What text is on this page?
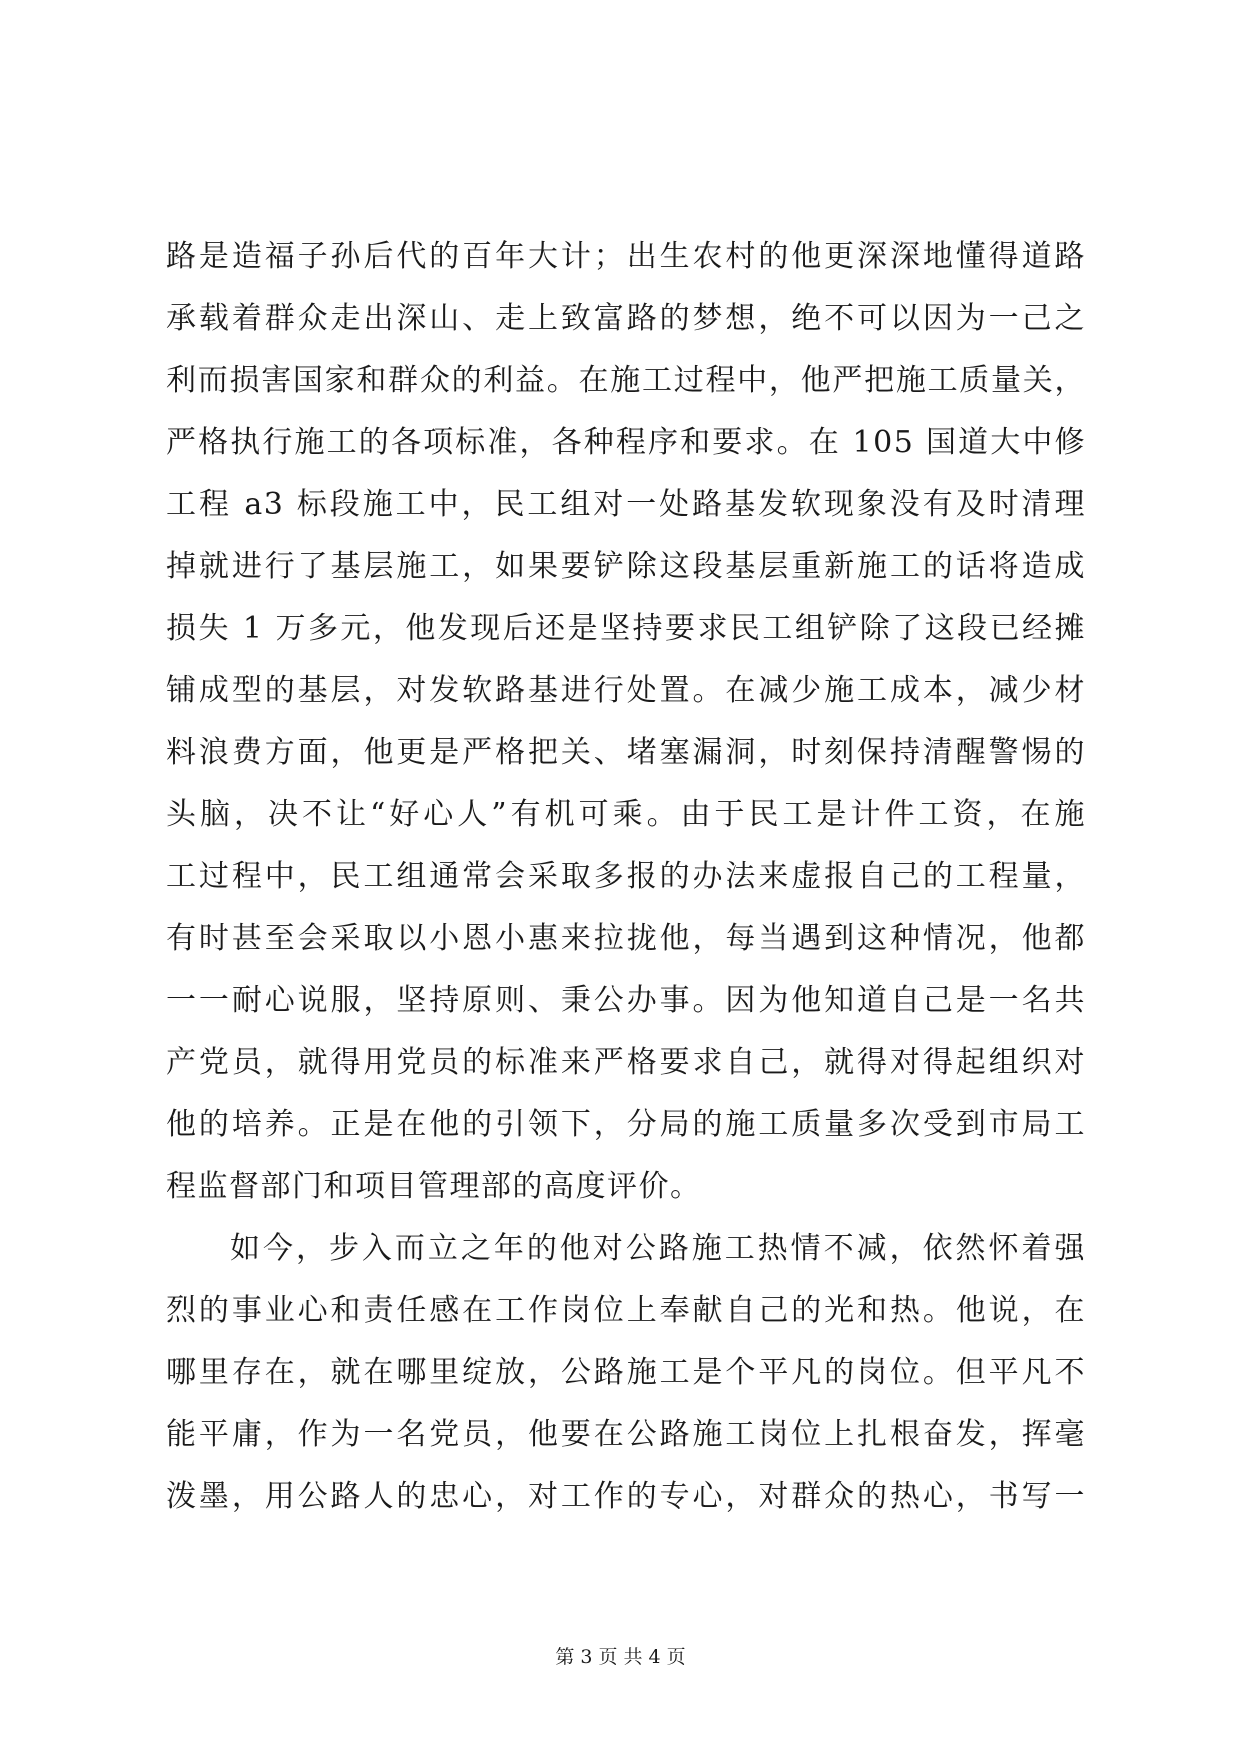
路是造福子孙后代的百年大计；出生农村的他更深深地懂得道路
承载着群众走出深山、走上致富路的梦想，绝不可以因为一己之
利而损害国家和群众的利益。在施工过程中，他严把施工质量关，
严格执行施工的各项标准，各种程序和要求。在 105 国道大中修
工程 a3 标段施工中，民工组对一处路基发软现象没有及时清理
掉就进行了基层施工，如果要铲除这段基层重新施工的话将造成
损失 1 万多元，他发现后还是坚持要求民工组铲除了这段已经摊
铺成型的基层，对发软路基进行处置。在减少施工成本，减少材
料浪费方面，他更是严格把关、堵塞漏洞，时刻保持清醒警惕的
头脑，决不让“好心人”有机可乘。由于民工是计件工资，在施
工过程中，民工组通常会采取多报的办法来虚报自己的工程量，
有时甚至会采取以小恩小惠来拉拢他，每当遇到这种情况，他都
一一耐心说服，坚持原则、秉公办事。因为他知道自己是一名共
产党员，就得用党员的标准来严格要求自己，就得对得起组织对
他的培养。正是在他的引领下，分局的施工质量多次受到市局工
程监督部门和项目管理部的高度评价。
如今，步入而立之年的他对公路施工热情不减，依然怀着强
烈的事业心和责任感在工作岗位上奉献自己的光和热。他说，在
哪里存在，就在哪里绽放，公路施工是个平凡的岗位。但平凡不
能平庸，作为一名党员，他要在公路施工岗位上扎根奋发，挥毫
泼墨，用公路人的忠心，对工作的专心，对群众的热心，书写一
第 3 页 共 4 页
